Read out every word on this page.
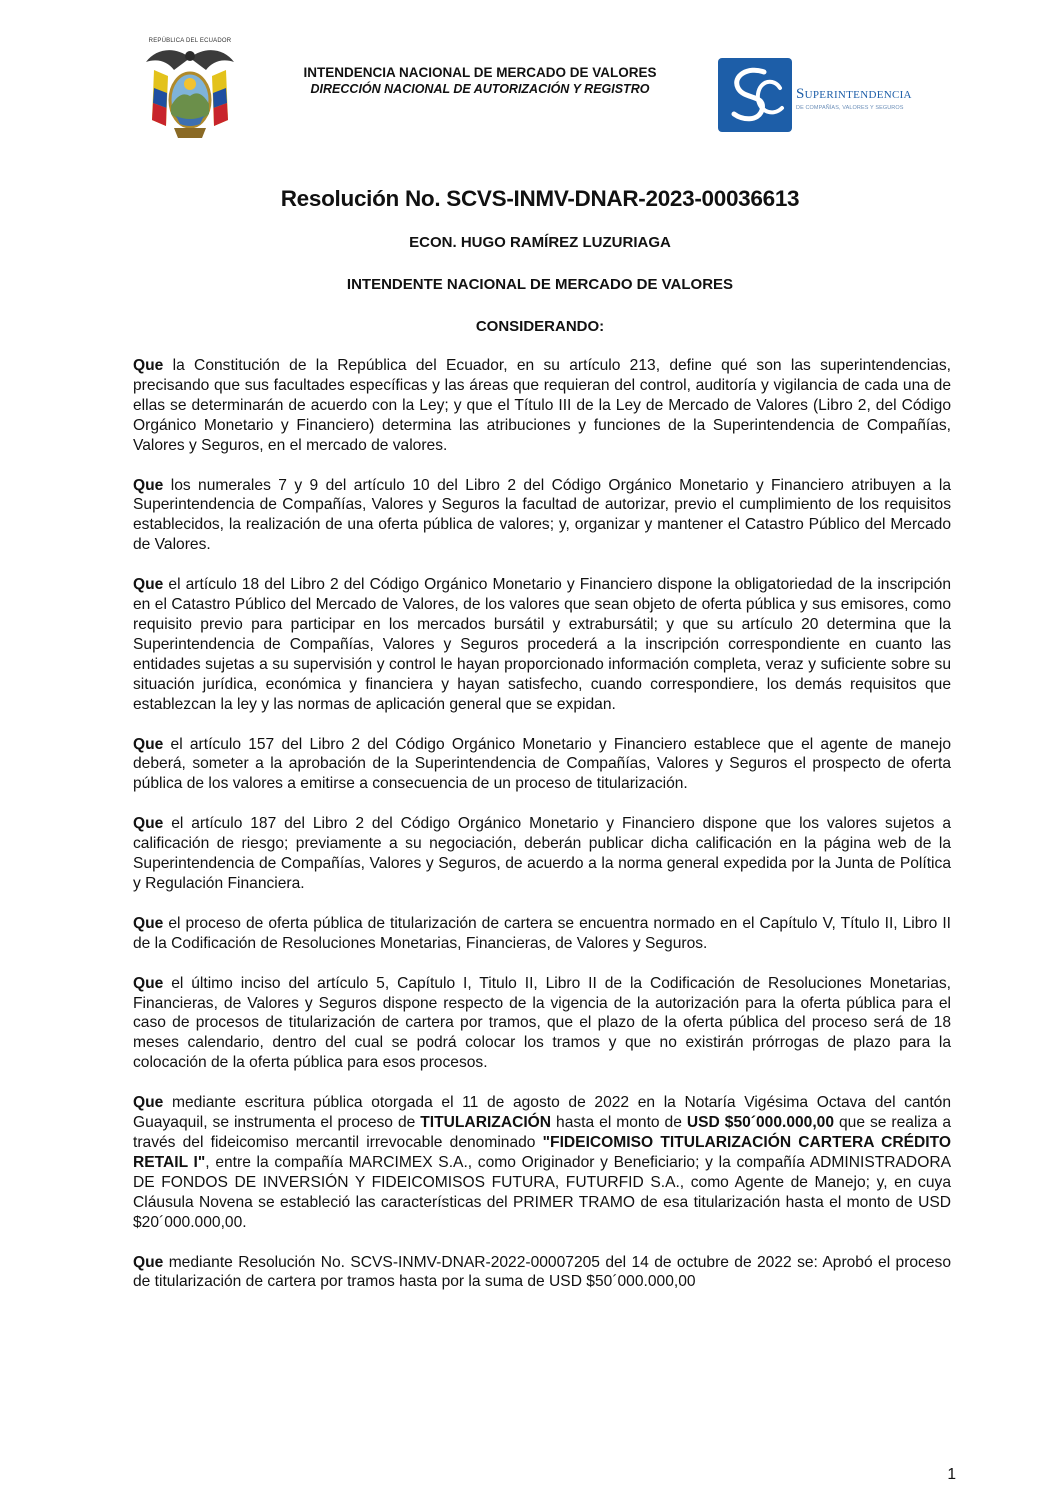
REPÚBLICA DEL ECUADOR
INTENDENCIA NACIONAL DE MERCADO DE VALORES
DIRECCIÓN NACIONAL DE AUTORIZACIÓN Y REGISTRO	Superintendencia
DE COMPAÑÍAS, VALORES Y SEGUROS
Resolución No. SCVS-INMV-DNAR-2023-00036613
ECON. HUGO RAMÍREZ LUZURIAGA
INTENDENTE NACIONAL DE MERCADO DE VALORES
CONSIDERANDO:

Que la Constitución de la República del Ecuador, en su artículo 213, define qué son las superintendencias, precisando que sus facultades específicas y las áreas que requieran del control, auditoría y vigilancia de cada una de ellas se determinarán de acuerdo con la Ley; y que el Título III de la Ley de Mercado de Valores (Libro 2, del Código Orgánico Monetario y Financiero) determina las atribuciones y funciones de la Superintendencia de Compañías, Valores y Seguros, en el mercado de valores.

Que los numerales 7 y 9 del artículo 10 del Libro 2 del Código Orgánico Monetario y Financiero atribuyen a la Superintendencia de Compañías, Valores y Seguros la facultad de autorizar, previo el cumplimiento de los requisitos establecidos, la realización de una oferta pública de valores; y, organizar y mantener el Catastro Público del Mercado de Valores.

Que el artículo 18 del Libro 2 del Código Orgánico Monetario y Financiero dispone la obligatoriedad de la inscripción en el Catastro Público del Mercado de Valores, de los valores que sean objeto de oferta pública y sus emisores, como requisito previo para participar en los mercados bursátil y extrabursátil; y que su artículo 20 determina que la Superintendencia de Compañías, Valores y Seguros procederá a la inscripción correspondiente en cuanto las entidades sujetas a su supervisión y control le hayan proporcionado información completa, veraz y suficiente sobre su situación jurídica, económica y financiera y hayan satisfecho, cuando correspondiere, los demás requisitos que establezcan la ley y las normas de aplicación general que se expidan.

Que el artículo 157 del Libro 2 del Código Orgánico Monetario y Financiero establece que el agente de manejo deberá, someter a la aprobación de la Superintendencia de Compañías, Valores y Seguros el prospecto de oferta pública de los valores a emitirse a consecuencia de un proceso de titularización.

Que el artículo 187 del Libro 2 del Código Orgánico Monetario y Financiero dispone que los valores sujetos a calificación de riesgo; previamente a su negociación, deberán publicar dicha calificación en la página web de la Superintendencia de Compañías, Valores y Seguros, de acuerdo a la norma general expedida por la Junta de Política y Regulación Financiera.

Que el proceso de oferta pública de titularización de cartera se encuentra normado en el Capítulo V, Título II, Libro II de la Codificación de Resoluciones Monetarias, Financieras, de Valores y Seguros.

Que el último inciso del artículo 5, Capítulo I, Titulo II, Libro II de la Codificación de Resoluciones Monetarias, Financieras, de Valores y Seguros dispone respecto de la vigencia de la autorización para la oferta pública para el caso de procesos de titularización de cartera por tramos, que el plazo de la oferta pública del proceso será de 18 meses calendario, dentro del cual se podrá colocar los tramos y que no existirán prórrogas de plazo para la colocación de la oferta pública para esos procesos.

Que mediante escritura pública otorgada el 11 de agosto de 2022 en la Notaría Vigésima Octava del cantón Guayaquil, se instrumenta el proceso de TITULARIZACIÓN hasta el monto de USD $50´000.000,00 que se realiza a través del fideicomiso mercantil irrevocable denominado "FIDEICOMISO TITULARIZACIÓN CARTERA CRÉDITO RETAIL I", entre la compañía MARCIMEX S.A., como Originador y Beneficiario; y la compañía ADMINISTRADORA DE FONDOS DE INVERSIÓN Y FIDEICOMISOS FUTURA, FUTURFID S.A., como Agente de Manejo; y, en cuya Cláusula Novena se estableció las características del PRIMER TRAMO de esa titularización hasta el monto de USD $20´000.000,00.

Que mediante Resolución No. SCVS-INMV-DNAR-2022-00007205 del 14 de octubre de 2022 se: Aprobó el proceso de titularización de cartera por tramos hasta por la suma de USD $50´000.000,00

1
